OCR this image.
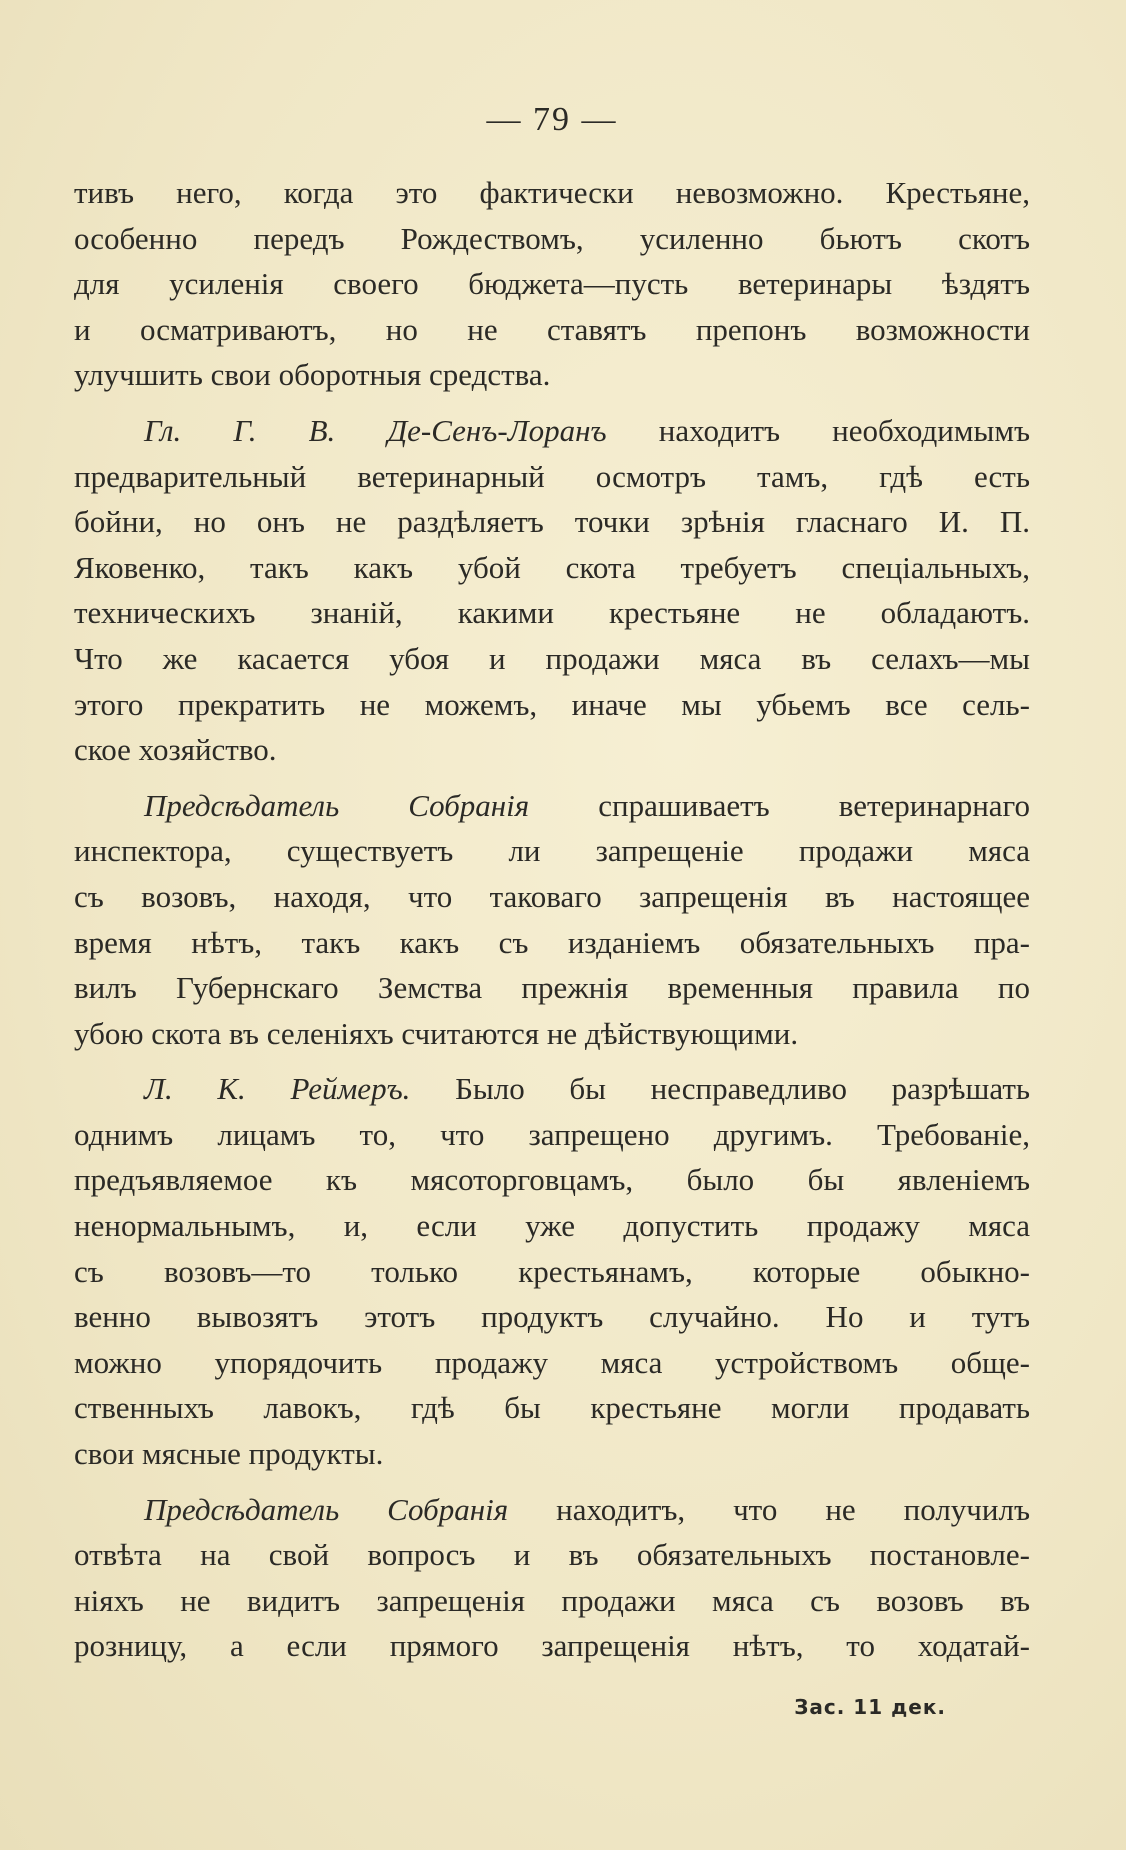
— 79 —
тивъ него, когда это фактически невозможно. Крестьяне,
особенно передъ Рождествомъ, усиленно бьютъ скотъ
для усиленія своего бюджета—пусть ветеринары ѣздятъ
и осматриваютъ, но не ставятъ препонъ возможности
улучшить свои оборотныя средства.
Гл. Г. В. Де-Сенъ-Лоранъ находитъ необходимымъ
предварительный ветеринарный осмотръ тамъ, гдѣ есть
бойни, но онъ не раздѣляетъ точки зрѣнія гласнаго И. П.
Яковенко, такъ какъ убой скота требуетъ спеціальныхъ,
техническихъ знаній, какими крестьяне не обладаютъ.
Что же касается убоя и продажи мяса въ селахъ—мы
этого прекратить не можемъ, иначе мы убьемъ все сель-
ское хозяйство.
Предсѣдатель Собранія спрашиваетъ ветеринарнаго
инспектора, существуетъ ли запрещеніе продажи мяса
съ возовъ, находя, что таковаго запрещенія въ настоящее
время нѣтъ, такъ какъ съ изданіемъ обязательныхъ пра-
вилъ Губернскаго Земства прежнія временныя правила по
убою скота въ селеніяхъ считаются не дѣйствующими.
Л. К. Реймеръ. Было бы несправедливо разрѣшать
однимъ лицамъ то, что запрещено другимъ. Требованіе,
предъявляемое къ мясоторговцамъ, было бы явленіемъ
ненормальнымъ, и, если уже допустить продажу мяса
съ возовъ—то только крестьянамъ, которые обыкно-
венно вывозятъ этотъ продуктъ случайно. Но и тутъ
можно упорядочить продажу мяса устройствомъ обще-
ственныхъ лавокъ, гдѣ бы крестьяне могли продавать
свои мясные продукты.
Предсѣдатель Собранія находитъ, что не получилъ
отвѣта на свой вопросъ и въ обязательныхъ постановле-
ніяхъ не видитъ запрещенія продажи мяса съ возовъ въ
розницу, а если прямого запрещенія нѣтъ, то ходатай-
Зас. 11 дек.
